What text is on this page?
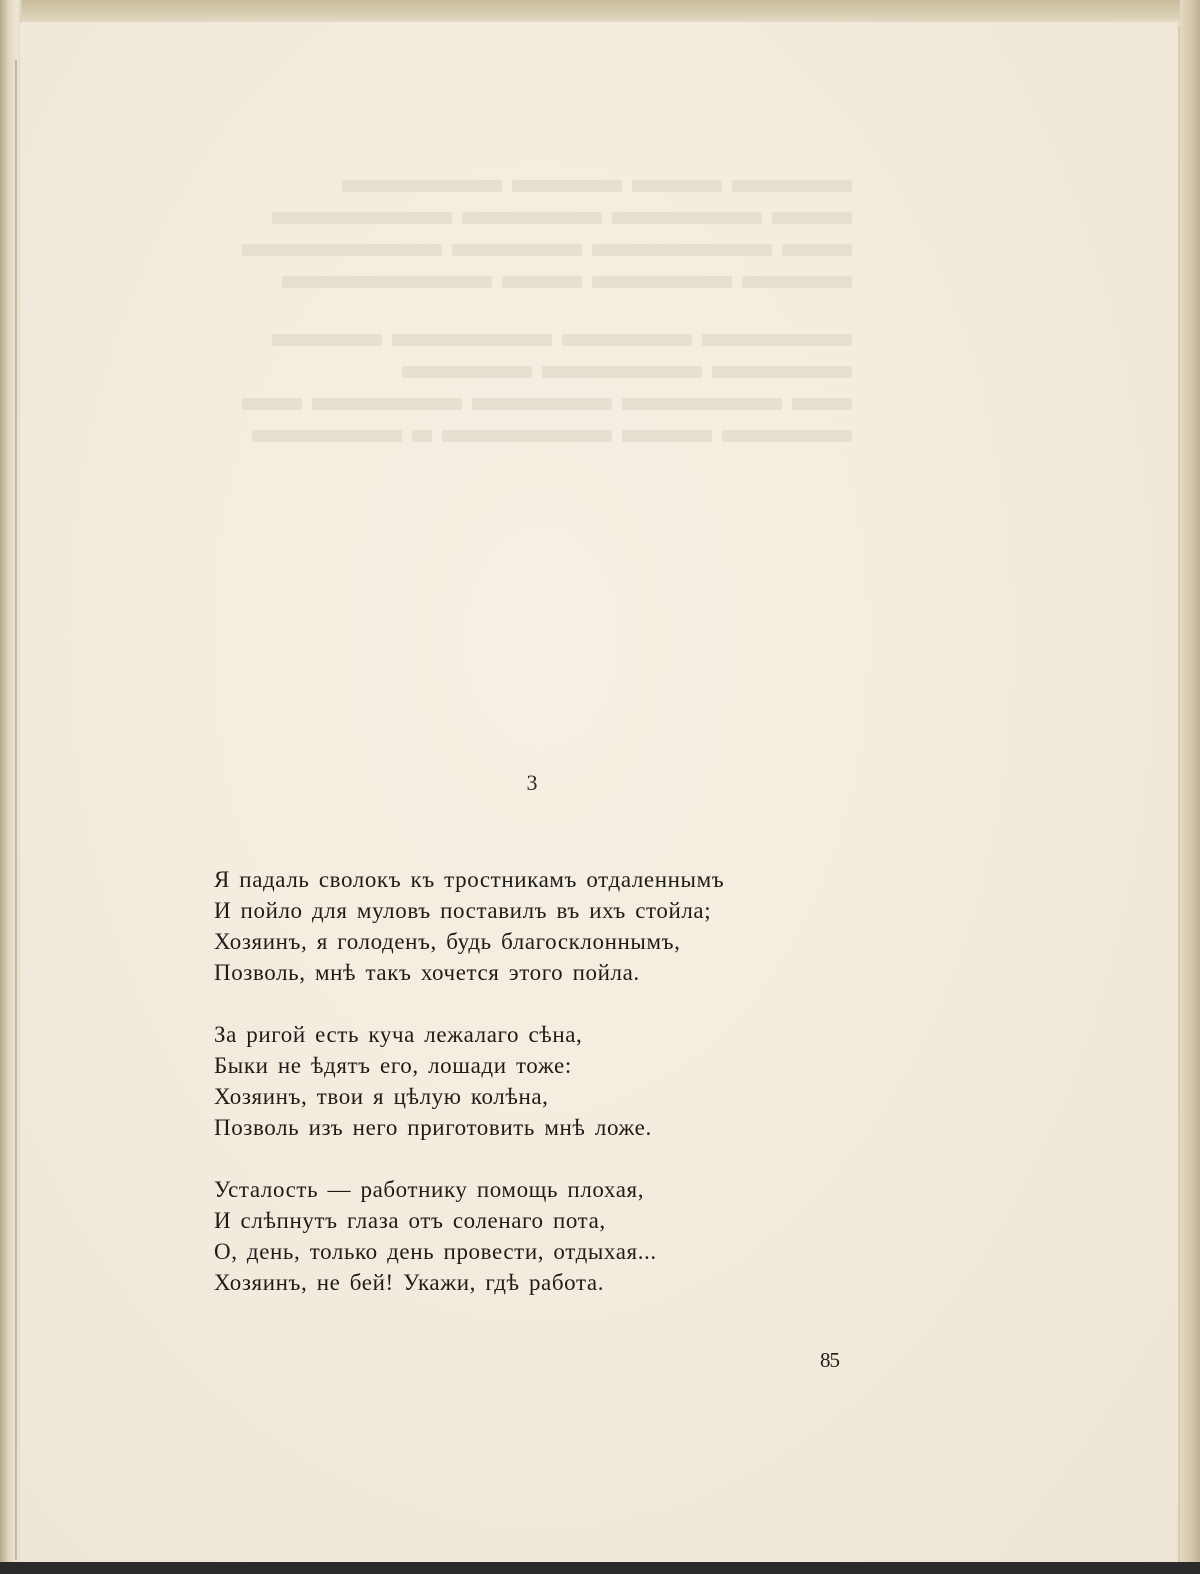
3
Я падаль сволокъ къ тростникамъ отдаленнымъ
И пойло для муловъ поставилъ въ ихъ стойла;
Хозяинъ, я голоденъ, будь благосклоннымъ,
Позволь, мнѣ такъ хочется этого пойла.
За ригой есть куча лежалаго сѣна,
Быки не ѣдятъ его, лошади тоже:
Хозяинъ, твои я цѣлую колѣна,
Позволь изъ него приготовить мнѣ ложе.
Усталость — работнику помощь плохая,
И слѣпнутъ глаза отъ соленаго пота,
О, день, только день провести, отдыхая...
Хозяинъ, не бей! Укажи, гдѣ работа.
85
